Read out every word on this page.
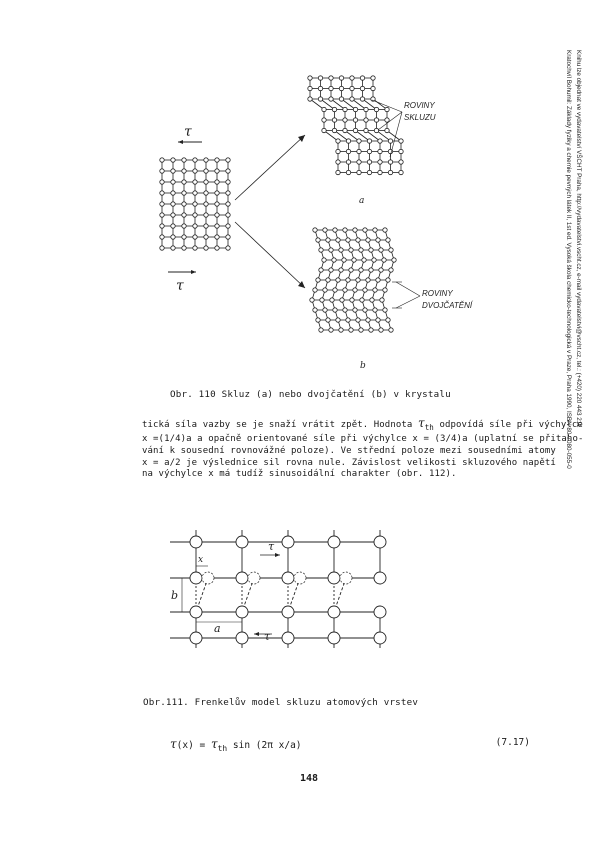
Kratochvíl Bohumil: Základy fyziky a chemie pevných látek II, 1st ed. Vysoká škola chemicko-technologická v Praze, Praha 1990, ISBN 80-7080-055-0 Knihu lze objednat ve vydavatelství VŠCHT Praha, http://vydavatelstvi.vscht.cz, e-mail vydavatelstvi@vscht.cz, tel.: (+420) 220 443 211
τ
τ
ROVINY
SKLUZU
a
ROVINY
DVOJČATĚNÍ
b
Obr. 110 Skluz (a) nebo dvojčatění (b) v krystalu

tická síla vazby se je snaží vrátit zpět. Hodnota $\tau_{th}$ odpovídá síle při výchylce

x =(1/4)a a opačně orientované síle při výchylce x = (3/4)a (uplatní se přitaho-

vání k sousední rovnovážné poloze). Ve střední poloze mezi sousedními atomy

x = a/2 je výslednice sil rovna nule. Závislost velikosti skluzového napětí

na výchylce x má tudíž sinusoidální charakter (obr. 112).

x
b
a
τ
τ
Obr.111. Frenkelův model skluzu atomových vrstev
$\tau(x) = \tau_{th}$ sin (2π x/a)	(7.17)
148
